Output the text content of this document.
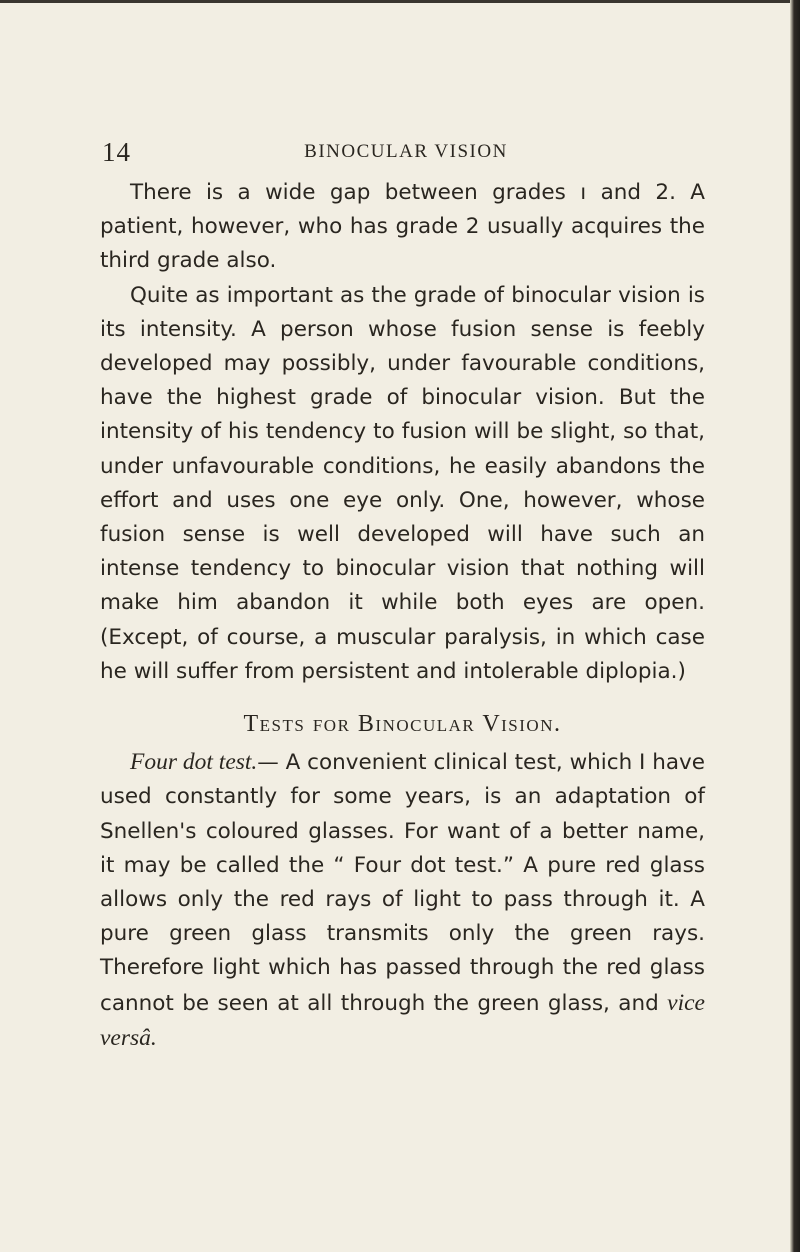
14	BINOCULAR VISION

There is a wide gap between grades ı and 2. A patient, however, who has grade 2 usually acquires the third grade also.

Quite as important as the grade of binocular vision is its intensity. A person whose fusion sense is feebly developed may possibly, under favourable conditions, have the highest grade of binocular vision. But the intensity of his tendency to fusion will be slight, so that, under unfavourable conditions, he easily abandons the effort and uses one eye only. One, however, whose fusion sense is well developed will have such an intense tendency to binocular vision that nothing will make him abandon it while both eyes are open. (Except, of course, a muscular paralysis, in which case he will suffer from persistent and intolerable diplopia.)

Tests for Binocular Vision.

Four dot test.— A convenient clinical test, which I have used constantly for some years, is an adaptation of Snellen's coloured glasses. For want of a better name, it may be called the “ Four dot test.” A pure red glass allows only the red rays of light to pass through it. A pure green glass transmits only the green rays. Therefore light which has passed through the red glass cannot be seen at all through the green glass, and vice versâ.
